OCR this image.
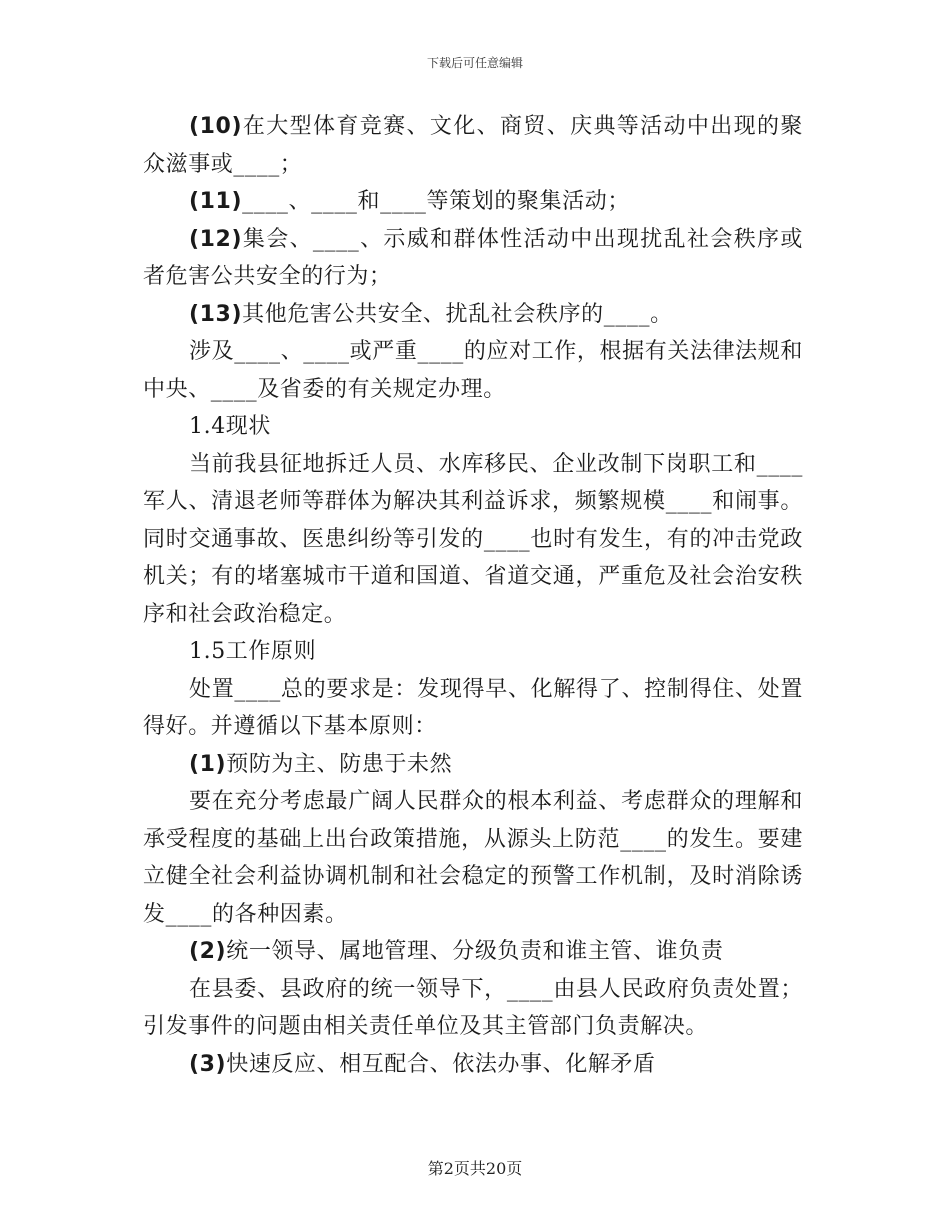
下载后可任意编辑

(10)在大型体育竞赛、文化、商贸、庆典等活动中出现的聚众滋事或____；

(11)____、____和____等策划的聚集活动；

(12)集会、____、示威和群体性活动中出现扰乱社会秩序或者危害公共安全的行为；

(13)其他危害公共安全、扰乱社会秩序的____。

涉及____、____或严重____的应对工作，根据有关法律法规和中央、____及省委的有关规定办理。

1.4现状

当前我县征地拆迁人员、水库移民、企业改制下岗职工和____军人、清退老师等群体为解决其利益诉求，频繁规模____和闹事。同时交通事故、医患纠纷等引发的____也时有发生，有的冲击党政机关；有的堵塞城市干道和国道、省道交通，严重危及社会治安秩序和社会政治稳定。

1.5工作原则

处置____总的要求是：发现得早、化解得了、控制得住、处置得好。并遵循以下基本原则：

(1)预防为主、防患于未然

要在充分考虑最广阔人民群众的根本利益、考虑群众的理解和承受程度的基础上出台政策措施，从源头上防范____的发生。要建立健全社会利益协调机制和社会稳定的预警工作机制，及时消除诱发____的各种因素。

(2)统一领导、属地管理、分级负责和谁主管、谁负责

在县委、县政府的统一领导下，____由县人民政府负责处置；引发事件的问题由相关责任单位及其主管部门负责解决。

(3)快速反应、相互配合、依法办事、化解矛盾

第2页共20页
